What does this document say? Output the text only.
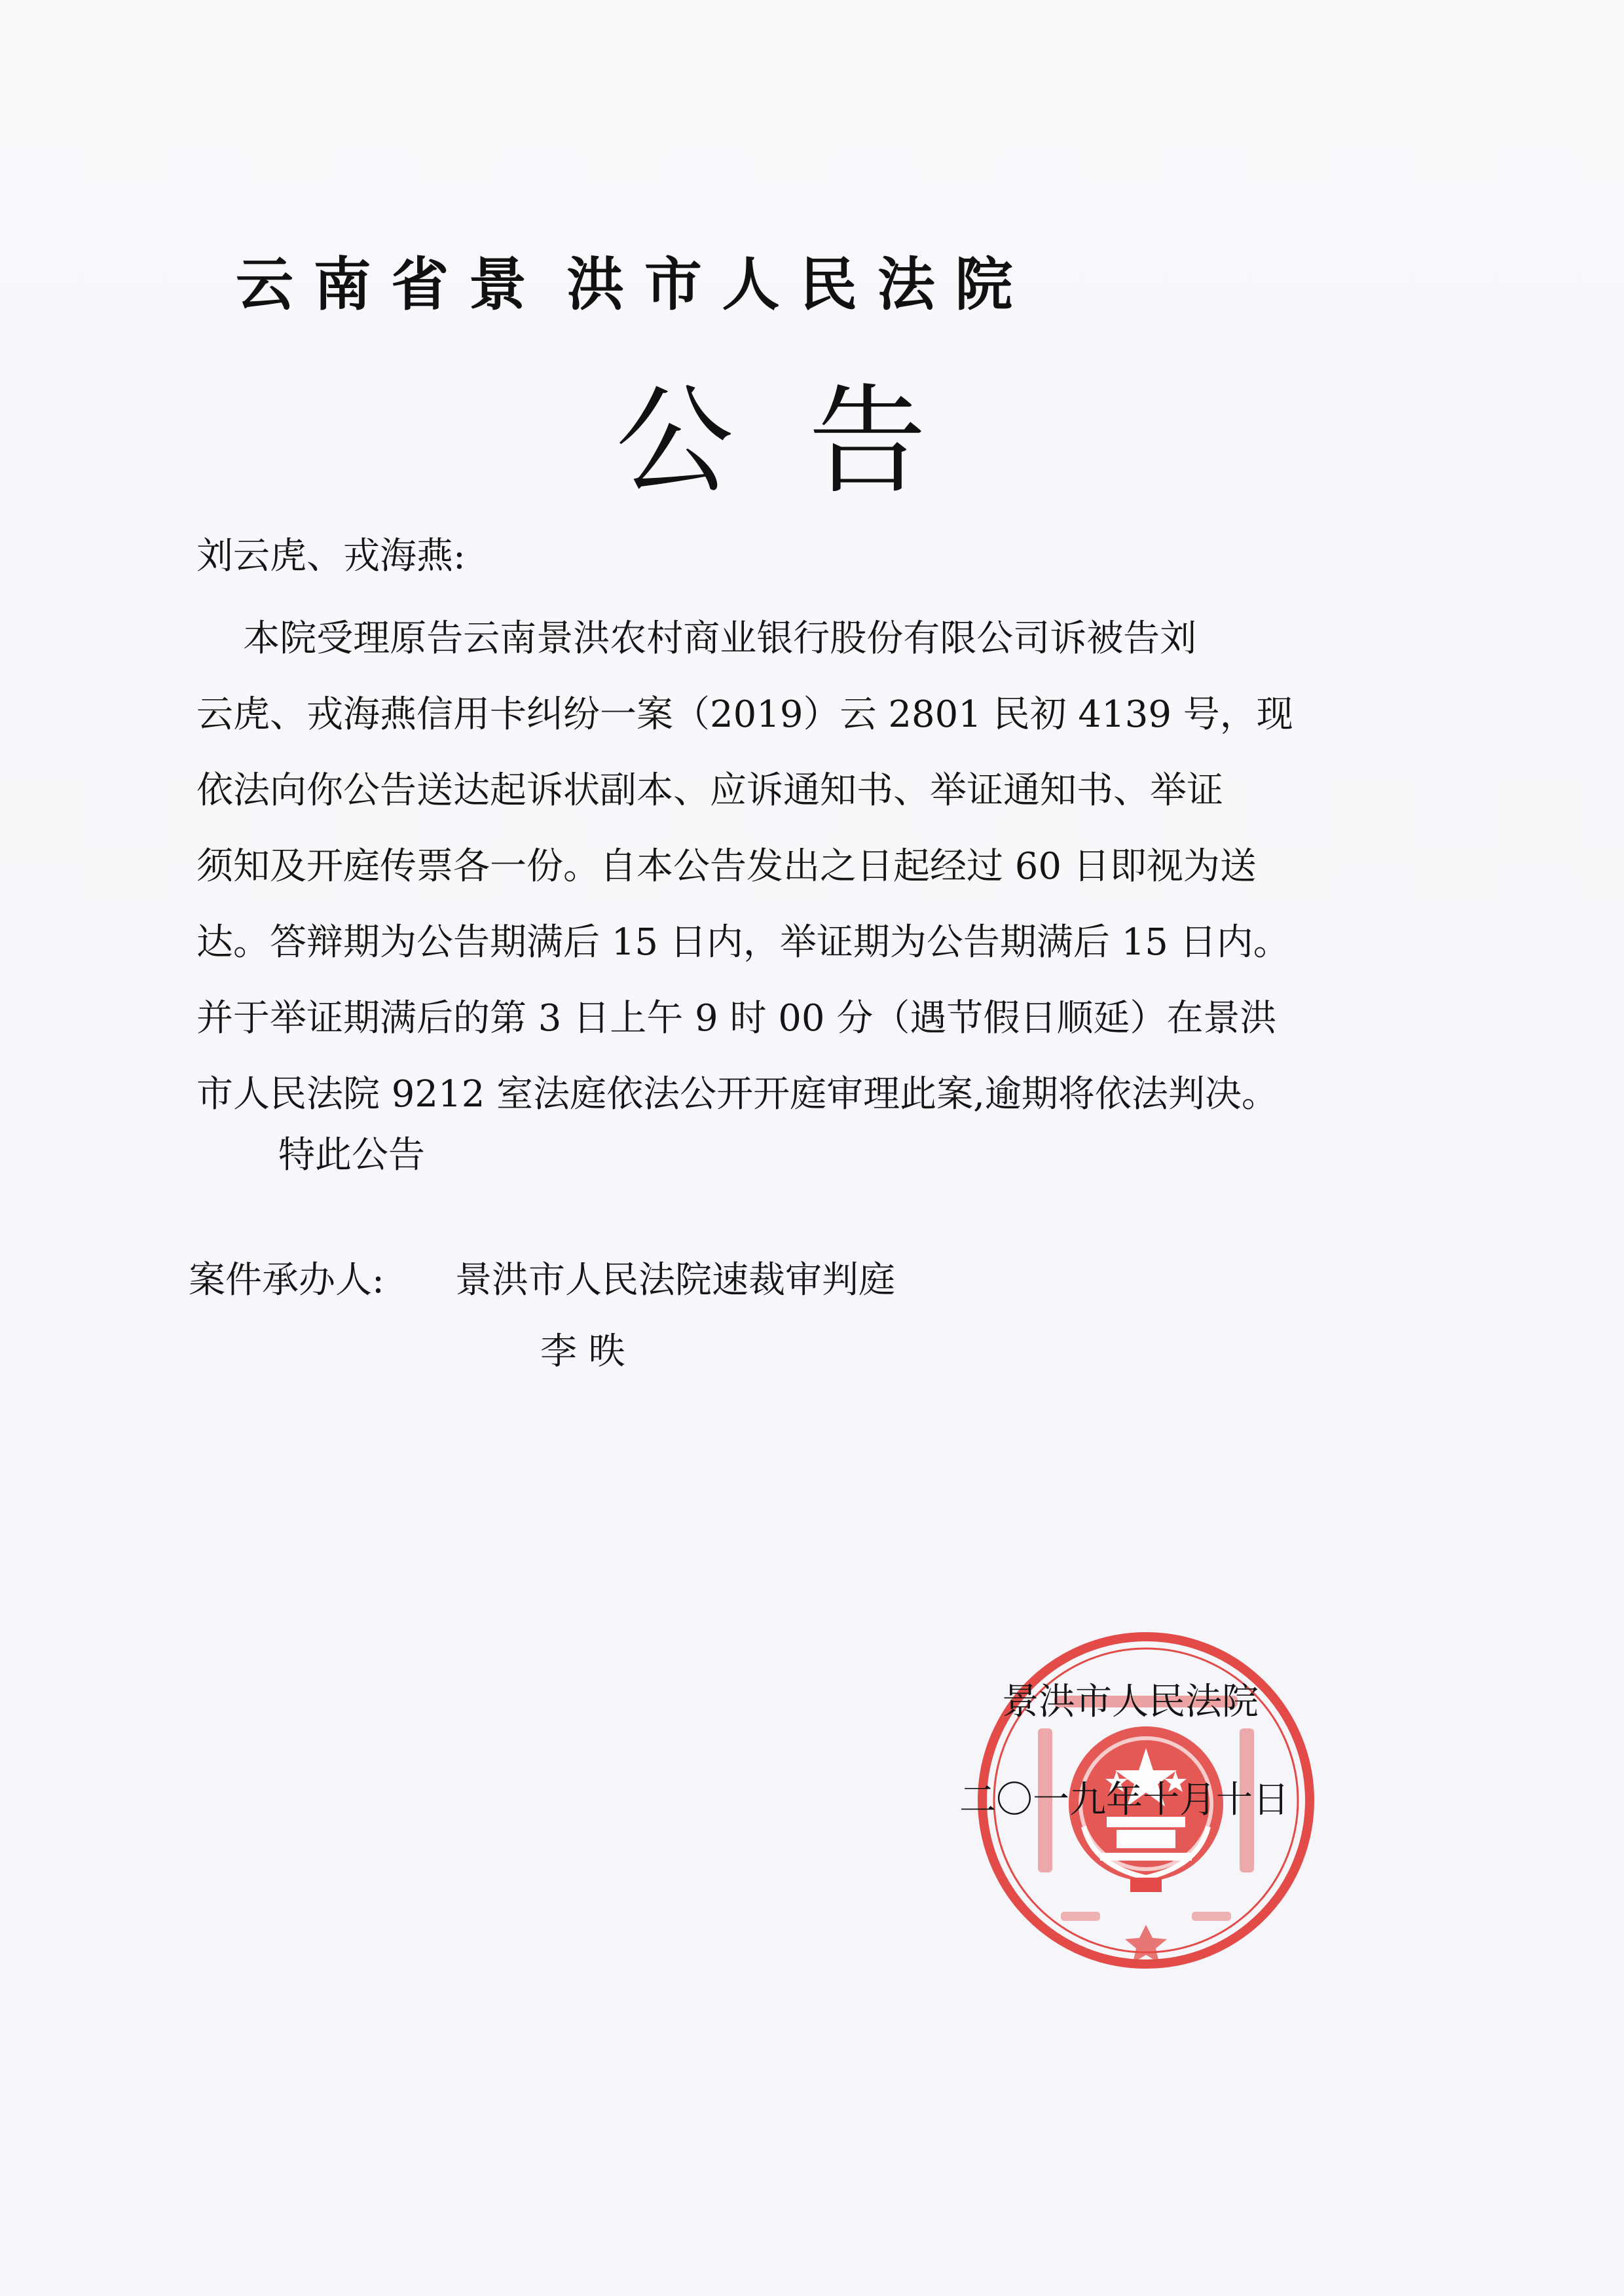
云 南 省 景  洪 市 人 民 法 院
公  告
刘云虎、戎海燕:
本院受理原告云南景洪农村商业银行股份有限公司诉被告刘
云虎、戎海燕信用卡纠纷一案（2019）云 2801 民初 4139 号，现
依法向你公告送达起诉状副本、应诉通知书、举证通知书、举证
须知及开庭传票各一份。自本公告发出之日起经过 60 日即视为送
达。答辩期为公告期满后 15 日内，举证期为公告期满后 15 日内。
并于举证期满后的第 3 日上午 9 时 00 分（遇节假日顺延）在景洪
市人民法院 9212 室法庭依法公开开庭审理此案,逾期将依法判决。
特此公告
案件承办人: 景洪市人民法院速裁审判庭
李 昳
景洪市人民法院
二〇一九年十月十日
